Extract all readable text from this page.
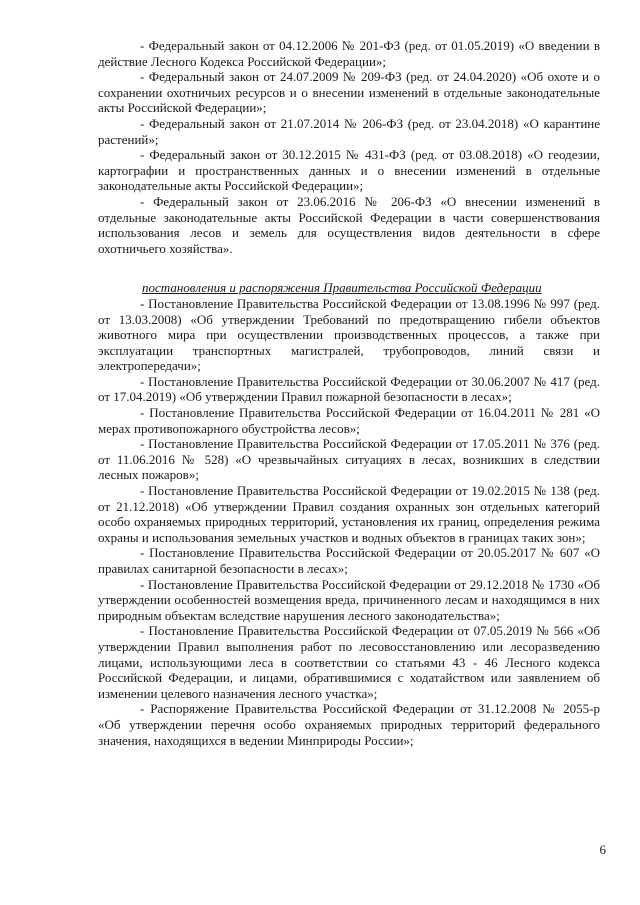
- Федеральный закон от 04.12.2006 № 201-ФЗ (ред. от 01.05.2019) «О введении в действие Лесного Кодекса Российской Федерации»;

- Федеральный закон от 24.07.2009 № 209-ФЗ (ред. от 24.04.2020) «Об охоте и о сохранении охотничьих ресурсов и о внесении изменений в отдельные законодательные акты Российской Федерации»;

- Федеральный закон от 21.07.2014 № 206-ФЗ (ред. от 23.04.2018) «О карантине растений»;

- Федеральный закон от 30.12.2015 № 431-ФЗ (ред. от 03.08.2018) «О геодезии, картографии и пространственных данных и о внесении изменений в отдельные законодательные акты Российской Федерации»;

- Федеральный закон от 23.06.2016 № 206-ФЗ «О внесении изменений в отдельные законодательные акты Российской Федерации в части совершенствования использования лесов и земель для осуществления видов деятельности в сфере охотничьего хозяйства».

постановления и распоряжения Правительства Российской Федерации

- Постановление Правительства Российской Федерации от 13.08.1996 № 997 (ред. от 13.03.2008) «Об утверждении Требований по предотвращению гибели объектов животного мира при осуществлении производственных процессов, а также при эксплуатации транспортных магистралей, трубопроводов, линий связи и электропередачи»;

- Постановление Правительства Российской Федерации от 30.06.2007 № 417 (ред. от 17.04.2019) «Об утверждении Правил пожарной безопасности в лесах»;

- Постановление Правительства Российской Федерации от 16.04.2011 № 281 «О мерах противопожарного обустройства лесов»;

- Постановление Правительства Российской Федерации от 17.05.2011 № 376 (ред. от 11.06.2016 № 528) «О чрезвычайных ситуациях в лесах, возникших в следствии лесных пожаров»;

- Постановление Правительства Российской Федерации от 19.02.2015 № 138 (ред. от 21.12.2018) «Об утверждении Правил создания охранных зон отдельных категорий особо охраняемых природных территорий, установления их границ, определения режима охраны и использования земельных участков и водных объектов в границах таких зон»;

- Постановление Правительства Российской Федерации от 20.05.2017 № 607 «О правилах санитарной безопасности в лесах»;

- Постановление Правительства Российской Федерации от 29.12.2018 № 1730 «Об утверждении особенностей возмещения вреда, причиненного лесам и находящимся в них природным объектам вследствие нарушения лесного законодательства»;

- Постановление Правительства Российской Федерации от 07.05.2019 № 566 «Об утверждении Правил выполнения работ по лесовосстановлению или лесоразведению лицами, использующими леса в соответствии со статьями 43 - 46 Лесного кодекса Российской Федерации, и лицами, обратившимися с ходатайством или заявлением об изменении целевого назначения лесного участка»;

- Распоряжение Правительства Российской Федерации от 31.12.2008 № 2055-р «Об утверждении перечня особо охраняемых природных территорий федерального значения, находящихся в ведении Минприроды России»;

6
